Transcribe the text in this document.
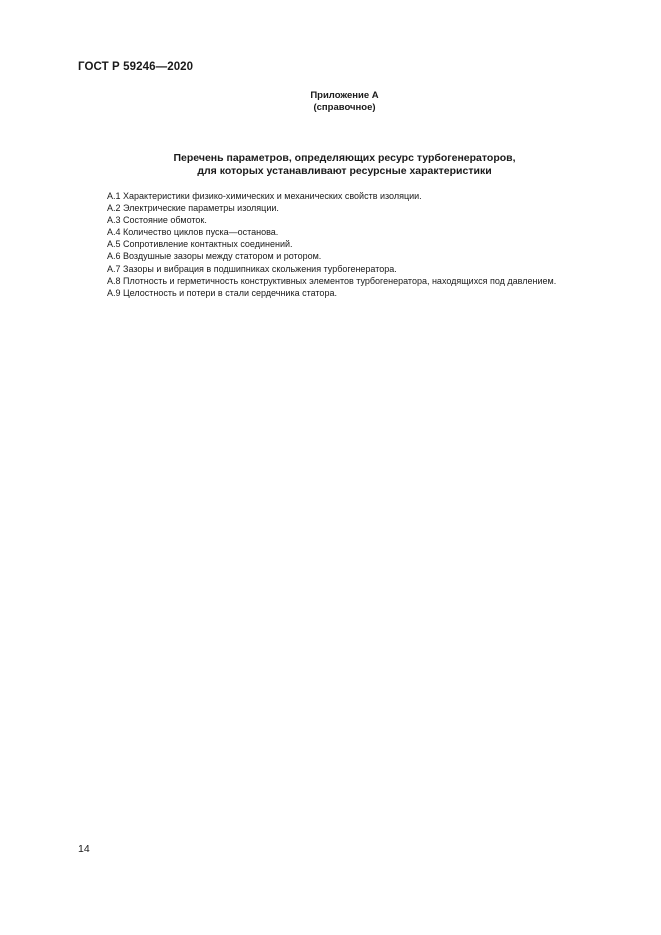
ГОСТ Р 59246—2020
Приложение А
(справочное)
Перечень параметров, определяющих ресурс турбогенераторов,
для которых устанавливают ресурсные характеристики
А.1 Характеристики физико-химических и механических свойств изоляции.
А.2 Электрические параметры изоляции.
А.3 Состояние обмоток.
А.4 Количество циклов пуска—останова.
А.5 Сопротивление контактных соединений.
А.6 Воздушные зазоры между статором и ротором.
А.7 Зазоры и вибрация в подшипниках скольжения турбогенератора.
А.8 Плотность и герметичность конструктивных элементов турбогенератора, находящихся под давлением.
А.9 Целостность и потери в стали сердечника статора.
14
